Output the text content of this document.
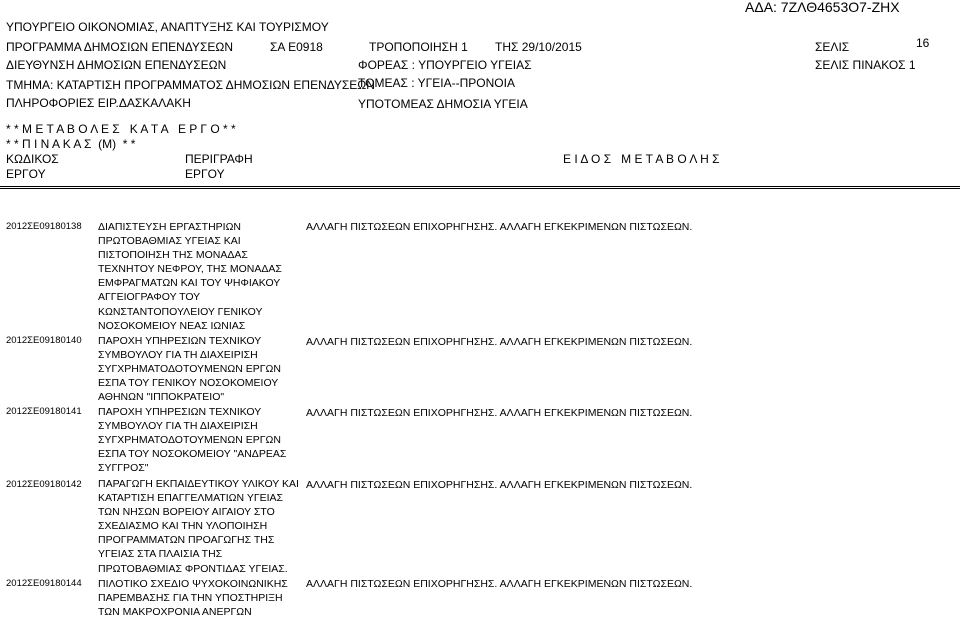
ΑΔΑ: 7ΖΛΘ4653Ο7-ΖΗΧ
ΥΠΟΥΡΓΕΙΟ ΟΙΚΟΝΟΜΙΑΣ, ΑΝΑΠΤΥΞΗΣ ΚΑΙ ΤΟΥΡΙΣΜΟΥ
ΠΡΟΓΡΑΜΜΑ ΔΗΜΟΣΙΩΝ ΕΠΕΝΔΥΣΕΩΝ	ΣΑ Ε0918	ΤΡΟΠΟΠΟΙΗΣΗ 1 ΤΗΣ 29/10/2015	ΣΕΛΙΣ	16
ΔΙΕΥΘΥΝΣΗ ΔΗΜΟΣΙΩΝ ΕΠΕΝΔΥΣΕΩΝ	ΦΟΡΕΑΣ : ΥΠΟΥΡΓΕΙΟ ΥΓΕΙΑΣ	ΣΕΛΙΣ ΠΙΝΑΚΟΣ 1
ΤΜΗΜΑ: ΚΑΤΑΡΤΙΣΗ ΠΡΟΓΡΑΜΜΑΤΟΣ ΔΗΜΟΣΙΩΝ ΕΠΕΝΔΥΣΕΩΝ
ΤΟΜΕΑΣ : ΥΓΕΙΑ--ΠΡΟΝΟΙΑ
ΠΛΗΡΟΦΟΡΙΕΣ ΕΙΡ.ΔΑΣΚΑΛΑΚΗ	ΥΠΟΤΟΜΕΑΣ ΔΗΜΟΣΙΑ ΥΓΕΙΑ
* * Μ Ε Τ Α Β Ο Λ Ε Σ   Κ Α Τ Α   Ε Ρ Γ Ο * *
* * Π Ι Ν Α Κ Α Σ  (Μ)  * *
ΚΩΔΙΚΟΣ
ΕΡΓΟΥ
ΠΕΡΙΓΡΑΦΗ
ΕΡΓΟΥ
Ε Ι Δ Ο Σ   Μ Ε Τ Α Β Ο Λ Η Σ
2012ΣΕ09180138 ΔΙΑΠΙΣΤΕΥΣΗ ΕΡΓΑΣΤΗΡΙΩΝ
ΠΡΩΤΟΒΑΘΜΙΑΣ ΥΓΕΙΑΣ ΚΑΙ
ΠΙΣΤΟΠΟΙΗΣΗ ΤΗΣ ΜΟΝΑΔΑΣ
ΤΕΧΝΗΤΟΥ ΝΕΦΡΟΥ, ΤΗΣ ΜΟΝΑΔΑΣ
ΕΜΦΡΑΓΜΑΤΩΝ ΚΑΙ ΤΟΥ ΨΗΦΙΑΚΟΥ
ΑΓΓΕΙΟΓΡΑΦΟΥ ΤΟΥ
ΚΩΝΣΤΑΝΤΟΠΟΥΛΕΙΟΥ ΓΕΝΙΚΟΥ
ΝΟΣΟΚΟΜΕΙΟΥ ΝΕΑΣ ΙΩΝΙΑΣ
ΑΛΛΑΓΗ ΠΙΣΤΩΣΕΩΝ ΕΠΙΧΟΡΗΓΗΣΗΣ. ΑΛΛΑΓΗ ΕΓΚΕΚΡΙΜΕΝΩΝ ΠΙΣΤΩΣΕΩΝ.
2012ΣΕ09180140 ΠΑΡΟΧΗ ΥΠΗΡΕΣΙΩΝ ΤΕΧΝΙΚΟΥ
ΣΥΜΒΟΥΛΟΥ ΓΙΑ ΤΗ ΔΙΑΧΕΙΡΙΣΗ
ΣΥΓΧΡΗΜΑΤΟΔΟΤΟΥΜΕΝΩΝ ΕΡΓΩΝ
ΕΣΠΑ ΤΟΥ ΓΕΝΙΚΟΥ ΝΟΣΟΚΟΜΕΙΟΥ
ΑΘΗΝΩΝ "ΙΠΠΟΚΡΑΤΕΙΟ"
ΑΛΛΑΓΗ ΠΙΣΤΩΣΕΩΝ ΕΠΙΧΟΡΗΓΗΣΗΣ. ΑΛΛΑΓΗ ΕΓΚΕΚΡΙΜΕΝΩΝ ΠΙΣΤΩΣΕΩΝ.
2012ΣΕ09180141 ΠΑΡΟΧΗ ΥΠΗΡΕΣΙΩΝ ΤΕΧΝΙΚΟΥ
ΣΥΜΒΟΥΛΟΥ ΓΙΑ ΤΗ ΔΙΑΧΕΙΡΙΣΗ
ΣΥΓΧΡΗΜΑΤΟΔΟΤΟΥΜΕΝΩΝ ΕΡΓΩΝ
ΕΣΠΑ ΤΟΥ ΝΟΣΟΚΟΜΕΙΟΥ "ΑΝΔΡΕΑΣ
ΣΥΓΓΡΟΣ"
ΑΛΛΑΓΗ ΠΙΣΤΩΣΕΩΝ ΕΠΙΧΟΡΗΓΗΣΗΣ. ΑΛΛΑΓΗ ΕΓΚΕΚΡΙΜΕΝΩΝ ΠΙΣΤΩΣΕΩΝ.
2012ΣΕ09180142 ΠΑΡΑΓΩΓΗ ΕΚΠΑΙΔΕΥΤΙΚΟΥ ΥΛΙΚΟΥ ΚΑΙ
ΚΑΤΑΡΤΙΣΗ ΕΠΑΓΓΕΛΜΑΤΙΩΝ ΥΓΕΙΑΣ
ΤΩΝ ΝΗΣΩΝ ΒΟΡΕΙΟΥ ΑΙΓΑΙΟΥ ΣΤΟ
ΣΧΕΔΙΑΣΜΟ ΚΑΙ ΤΗΝ ΥΛΟΠΟΙΗΣΗ
ΠΡΟΓΡΑΜΜΑΤΩΝ ΠΡΟΑΓΩΓΗΣ ΤΗΣ
ΥΓΕΙΑΣ ΣΤΑ ΠΛΑΙΣΙΑ ΤΗΣ
ΠΡΩΤΟΒΑΘΜΙΑΣ ΦΡΟΝΤΙΔΑΣ ΥΓΕΙΑΣ.
ΑΛΛΑΓΗ ΠΙΣΤΩΣΕΩΝ ΕΠΙΧΟΡΗΓΗΣΗΣ. ΑΛΛΑΓΗ ΕΓΚΕΚΡΙΜΕΝΩΝ ΠΙΣΤΩΣΕΩΝ.
2012ΣΕ09180144 ΠΙΛΟΤΙΚΟ ΣΧΕΔΙΟ ΨΥΧΟΚΟΙΝΩΝΙΚΗΣ
ΠΑΡΕΜΒΑΣΗΣ ΓΙΑ ΤΗΝ ΥΠΟΣΤΗΡΙΞΗ
ΤΩΝ ΜΑΚΡΟΧΡΟΝΙΑ ΑΝΕΡΓΩΝ
ΑΛΛΑΓΗ ΠΙΣΤΩΣΕΩΝ ΕΠΙΧΟΡΗΓΗΣΗΣ. ΑΛΛΑΓΗ ΕΓΚΕΚΡΙΜΕΝΩΝ ΠΙΣΤΩΣΕΩΝ.
